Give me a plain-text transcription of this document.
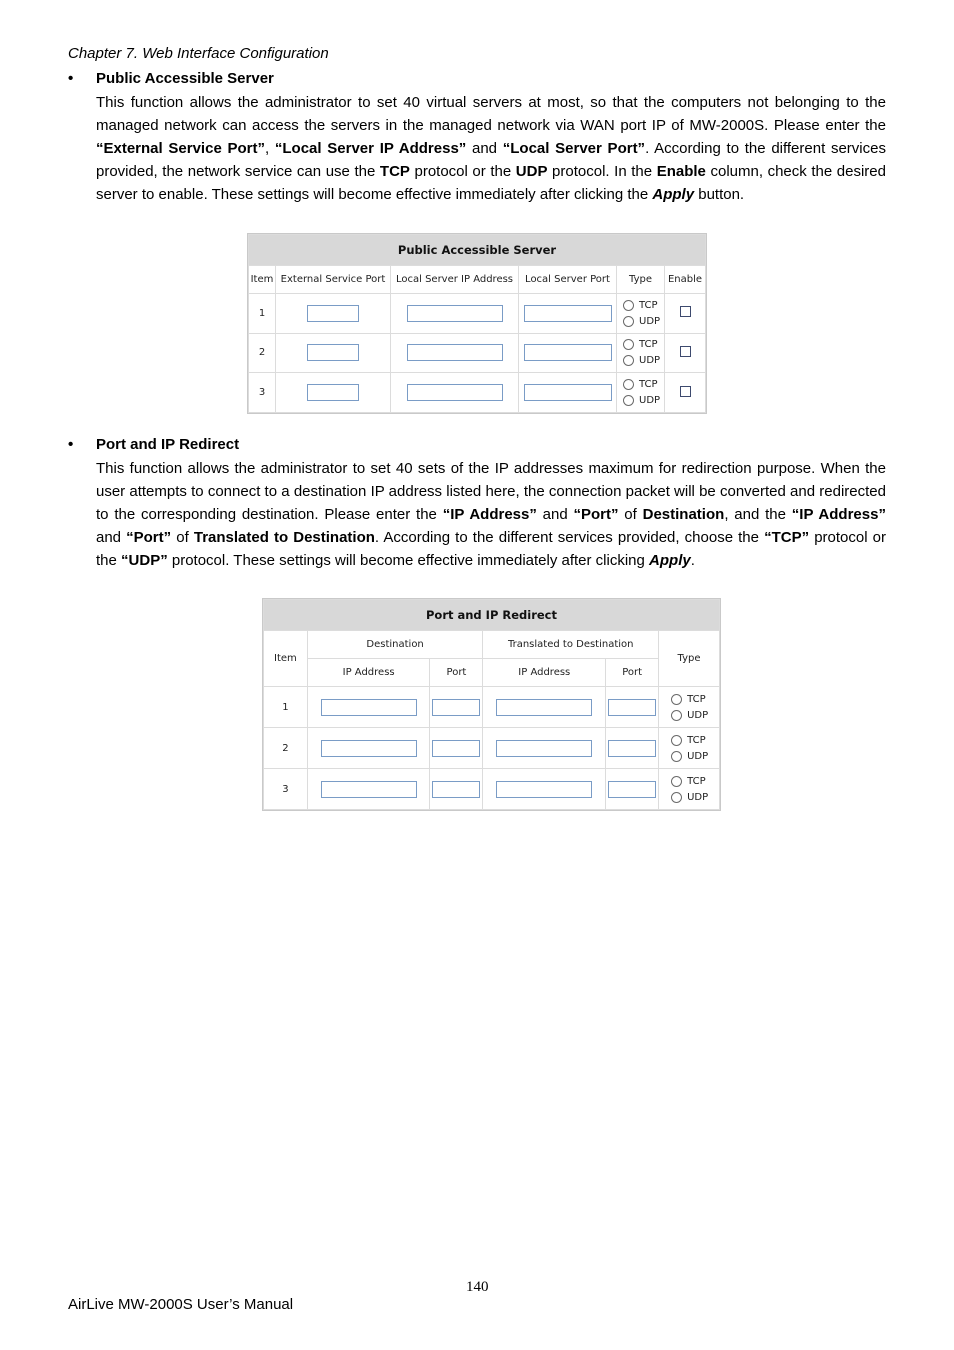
Chapter 7. Web Interface Configuration
• Public Accessible Server
This function allows the administrator to set 40 virtual servers at most, so that the computers not belonging to the managed network can access the servers in the managed network via WAN port IP of MW-2000S. Please enter the “External Service Port”, “Local Server IP Address” and “Local Server Port”. According to the different services provided, the network service can use the TCP protocol or the UDP protocol. In the Enable column, check the desired server to enable. These settings will become effective immediately after clicking the Apply button.
Public Accessible Server					
Item	External Service Port	Local Server IP Address	Local Server Port	Type	Enable
1				TCP
UDP	

2				TCP
UDP	

3				TCP
UDP	

• Port and IP Redirect
This function allows the administrator to set 40 sets of the IP addresses maximum for redirection purpose. When the user attempts to connect to a destination IP address listed here, the connection packet will be converted and redirected to the corresponding destination. Please enter the “IP Address” and “Port” of Destination, and the “IP Address” and “Port” of Translated to Destination. According to the different services provided, choose the “TCP” protocol or the “UDP” protocol. These settings will become effective immediately after clicking Apply.
Port and IP Redirect					
Item	Destination		Translated to Destination		Type
	IP Address	Port	IP Address	Port	
1					TCP
UDP

2					TCP
UDP

3					TCP
UDP
140
AirLive MW-2000S User’s Manual
